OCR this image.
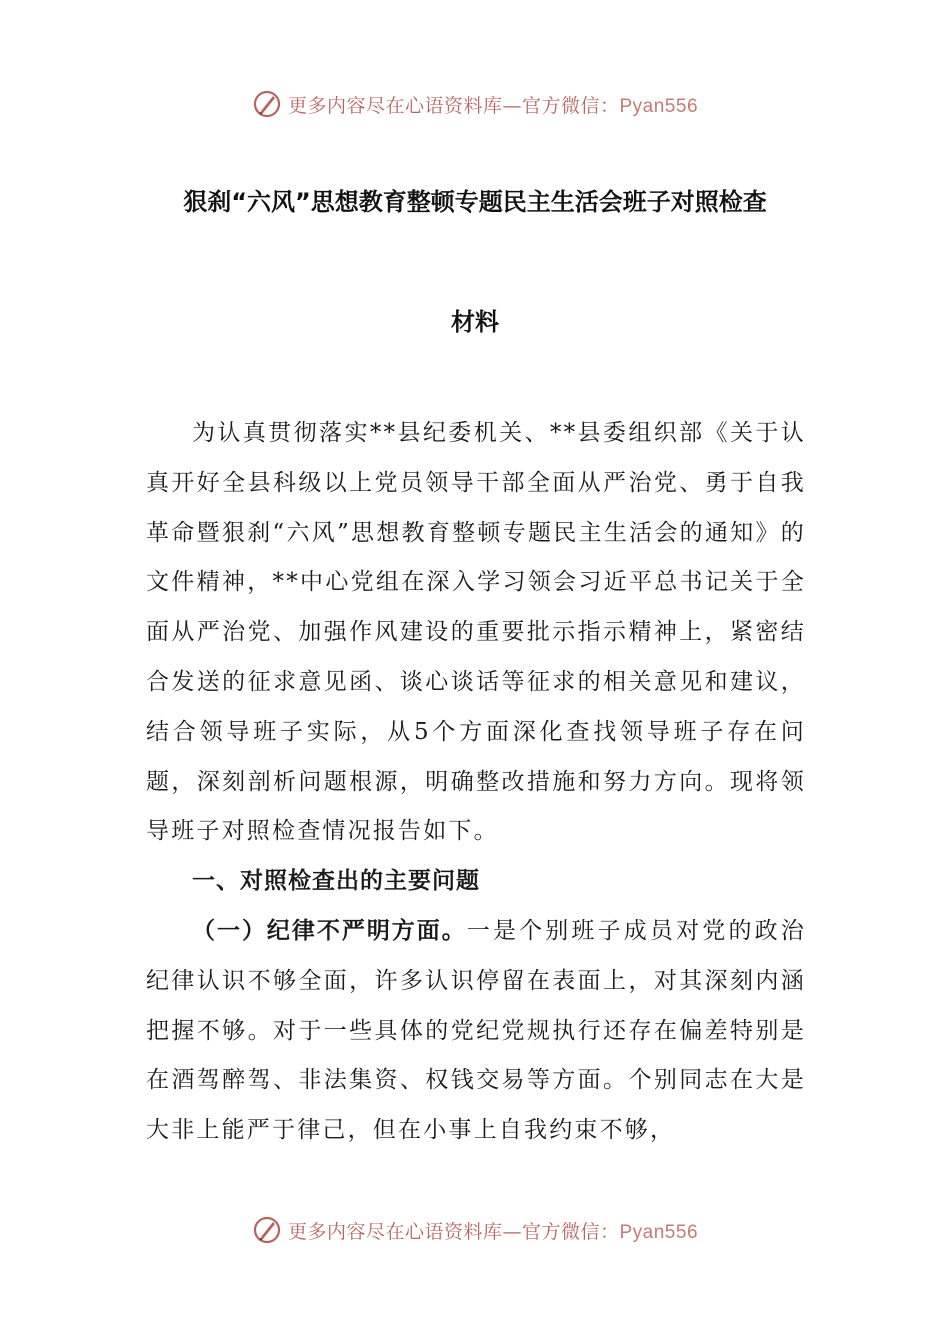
更多内容尽在心语资料库—官方微信：Pyan556
狠刹“六风”思想教育整顿专题民主生活会班子对照检查
材料

为认真贯彻落实**县纪委机关、**县委组织部《关于认真开好全县科级以上党员领导干部全面从严治党、勇于自我革命暨狠刹“六风”思想教育整顿专题民主生活会的通知》的文件精神，**中心党组在深入学习领会习近平总书记关于全面从严治党、加强作风建设的重要批示指示精神上，紧密结合发送的征求意见函、谈心谈话等征求的相关意见和建议，结合领导班子实际，从5个方面深化查找领导班子存在问题，深刻剖析问题根源，明确整改措施和努力方向。现将领导班子对照检查情况报告如下。

一、对照检查出的主要问题

（一）纪律不严明方面。一是个别班子成员对党的政治纪律认识不够全面，许多认识停留在表面上，对其深刻内涵把握不够。对于一些具体的党纪党规执行还存在偏差特别是在酒驾醉驾、非法集资、权钱交易等方面。个别同志在大是大非上能严于律己，但在小事上自我约束不够，

更多内容尽在心语资料库—官方微信：Pyan556
